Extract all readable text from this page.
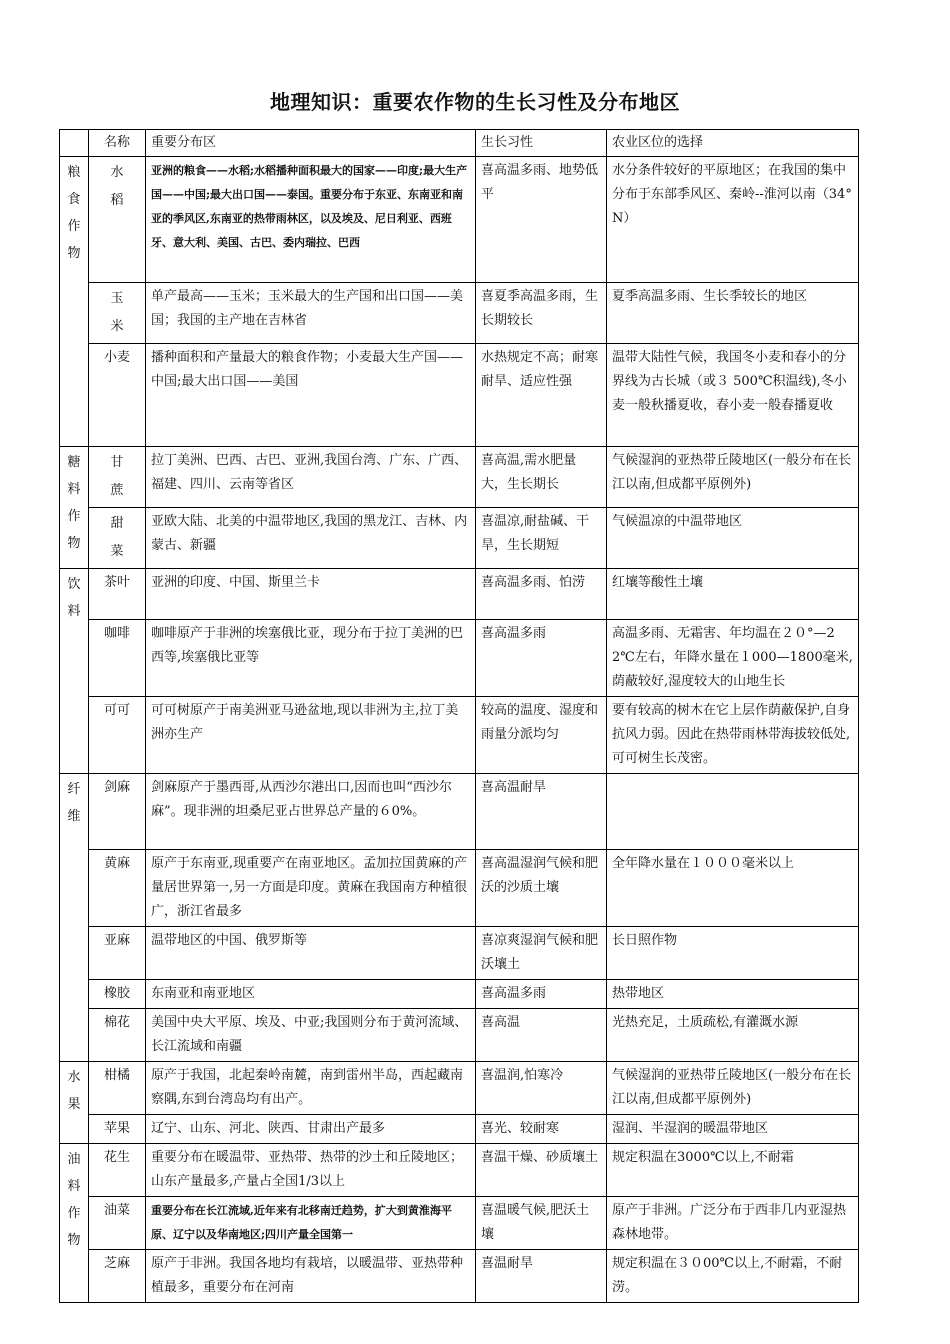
地理知识：重要农作物的生长习性及分布地区
	名称	重要分布区	生长习性	农业区位的选择

粮食作物	水稻	亚洲的粮食——水稻;水稻播种面积最大的国家——印度;最大生产国——中国;最大出口国——泰国。重要分布于东亚、东南亚和南亚的季风区,东南亚的热带雨林区，以及埃及、尼日利亚、西班牙、意大利、美国、古巴、委内瑞拉、巴西	喜高温多雨、地势低平	水分条件较好的平原地区；在我国的集中分布于东部季风区、秦岭--淮河以南（34°N）

	玉米	单产最高——玉米；玉米最大的生产国和出口国——美国；我国的主产地在吉林省	喜夏季高温多雨，生长期较长	夏季高温多雨、生长季较长的地区
	小麦	播种面积和产量最大的粮食作物；小麦最大生产国——中国;最大出口国——美国	水热规定不高；耐寒耐旱、适应性强	温带大陆性气候，我国冬小麦和春小的分界线为古长城（或３ 500℃积温线),冬小麦一般秋播夏收，春小麦一般春播夏收

糖料作物	甘蔗	拉丁美洲、巴西、古巴、亚洲,我国台湾、广东、广西、福建、四川、云南等省区	喜高温,需水肥量大，生长期长	气候湿润的亚热带丘陵地区(一般分布在长江以南,但成都平原例外)

	甜菜	亚欧大陆、北美的中温带地区,我国的黑龙江、吉林、内蒙古、新疆	喜温凉,耐盐碱、干旱，生长期短	气候温凉的中温带地区

饮料	茶叶	亚洲的印度、中国、斯里兰卡	喜高温多雨、怕涝	红壤等酸性土壤
	咖啡	咖啡原产于非洲的埃塞俄比亚，现分布于拉丁美洲的巴西等,埃塞俄比亚等	喜高温多雨	高温多雨、无霜害、年均温在２０°—22℃左右，年降水量在１000—1800毫米,荫蔽较好,湿度较大的山地生长
	可可	可可树原产于南美洲亚马逊盆地,现以非洲为主,拉丁美洲亦生产	较高的温度、湿度和雨量分派均匀	要有较高的树木在它上层作荫蔽保护,自身抗风力弱。因此在热带雨林带海拔较低处,可可树生长茂密。

纤维	剑麻	剑麻原产于墨西哥,从西沙尔港出口,因而也叫“西沙尔麻”。现非洲的坦桑尼亚占世界总产量的６0%。	喜高温耐旱	
	黄麻	原产于东南亚,现重要产在南亚地区。孟加拉国黄麻的产量居世界第一,另一方面是印度。黄麻在我国南方种植很广，浙江省最多	喜高温湿润气候和肥沃的沙质土壤	全年降水量在１０００毫米以上
	亚麻	温带地区的中国、俄罗斯等	喜凉爽湿润气候和肥沃壤土	长日照作物
	橡胶	东南亚和南亚地区	喜高温多雨	热带地区
	棉花	美国中央大平原、埃及、中亚;我国则分布于黄河流域、长江流域和南疆	喜高温	光热充足，土质疏松,有灌溉水源

水果	柑橘	原产于我国，北起秦岭南麓，南到雷州半岛，西起藏南察隅,东到台湾岛均有出产。	喜温润,怕寒冷	气候湿润的亚热带丘陵地区(一般分布在长江以南,但成都平原例外)
	苹果	辽宁、山东、河北、陕西、甘肃出产最多	喜光、较耐寒	湿润、半湿润的暖温带地区

油料作物	花生	重要分布在暖温带、亚热带、热带的沙土和丘陵地区；山东产量最多,产量占全国1/3以上	喜温干燥、砂质壤土	规定积温在3000℃以上,不耐霜
	油菜	重要分布在长江流域,近年来有北移南迁趋势，扩大到黄淮海平原、辽宁以及华南地区;四川产量全国第一	喜温暖气候,肥沃土壤	原产于非洲。广泛分布于西非几内亚湿热森林地带。
	芝麻	原产于非洲。我国各地均有栽培，以暖温带、亚热带种植最多，重要分布在河南	喜温耐旱	规定积温在３０00℃以上,不耐霜，不耐涝。
